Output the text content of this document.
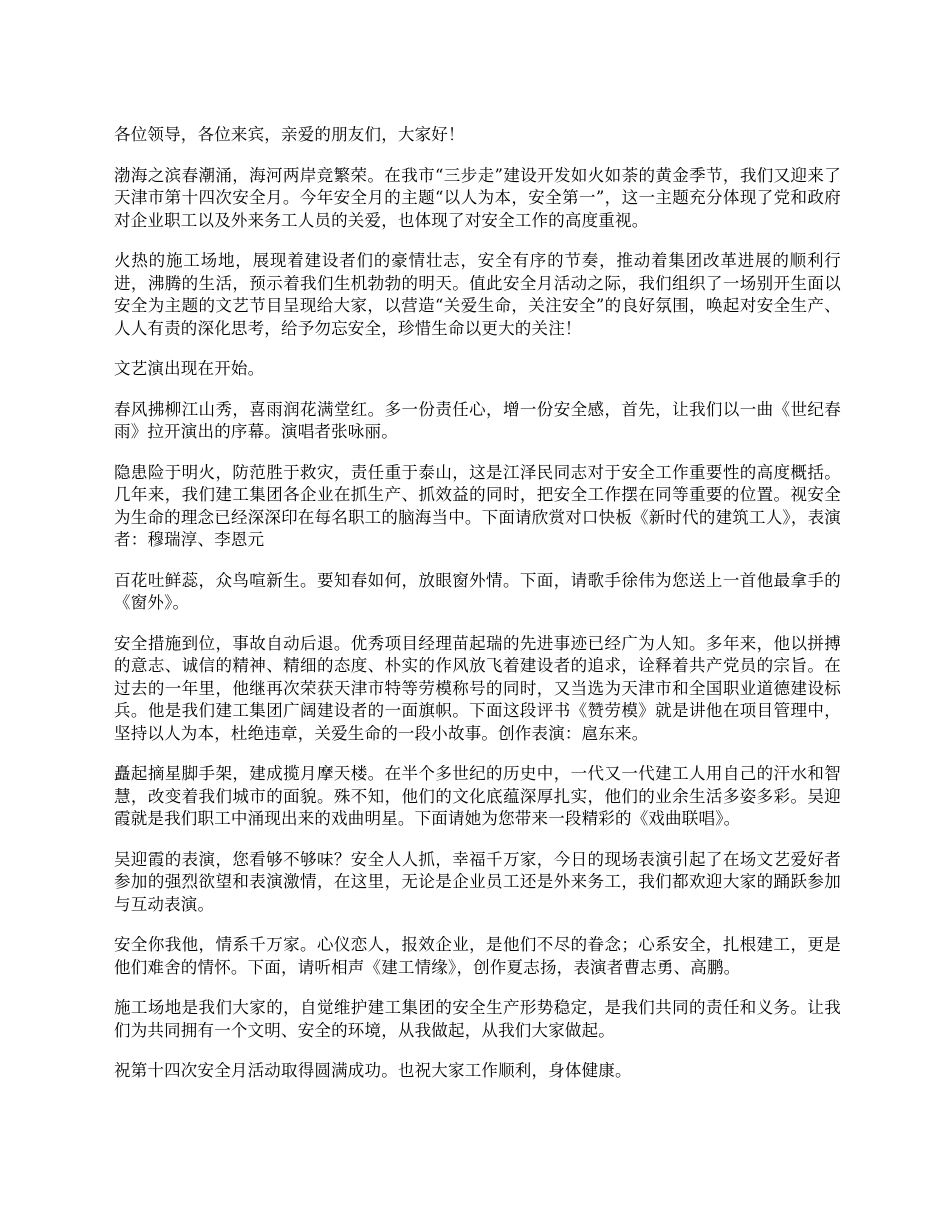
各位领导，各位来宾，亲爱的朋友们，大家好！

渤海之滨春潮涌，海河两岸竞繁荣。在我市“三步走”建设开发如火如荼的黄金季节，我们又迎来了天津市第十四次安全月。今年安全月的主题“以人为本，安全第一”，这一主题充分体现了党和政府对企业职工以及外来务工人员的关爱，也体现了对安全工作的高度重视。

火热的施工场地，展现着建设者们的豪情壮志，安全有序的节奏，推动着集团改革进展的顺利行进，沸腾的生活，预示着我们生机勃勃的明天。值此安全月活动之际，我们组织了一场别开生面以安全为主题的文艺节目呈现给大家，以营造“关爱生命，关注安全”的良好氛围，唤起对安全生产、人人有责的深化思考，给予勿忘安全，珍惜生命以更大的关注！

文艺演出现在开始。

春风拂柳江山秀，喜雨润花满堂红。多一份责任心，增一份安全感，首先，让我们以一曲《世纪春雨》拉开演出的序幕。演唱者张咏丽。

隐患险于明火，防范胜于救灾，责任重于泰山，这是江泽民同志对于安全工作重要性的高度概括。几年来，我们建工集团各企业在抓生产、抓效益的同时，把安全工作摆在同等重要的位置。视安全为生命的理念已经深深印在每名职工的脑海当中。下面请欣赏对口快板《新时代的建筑工人》，表演者：穆瑞淳、李恩元

百花吐鲜蕊，众鸟喧新生。要知春如何，放眼窗外情。下面，请歌手徐伟为您送上一首他最拿手的《窗外》。

安全措施到位，事故自动后退。优秀项目经理苗起瑞的先进事迹已经广为人知。多年来，他以拼搏的意志、诚信的精神、精细的态度、朴实的作风放飞着建设者的追求，诠释着共产党员的宗旨。在过去的一年里，他继再次荣获天津市特等劳模称号的同时，又当选为天津市和全国职业道德建设标兵。他是我们建工集团广阔建设者的一面旗帜。下面这段评书《赞劳模》就是讲他在项目管理中，坚持以人为本，杜绝违章，关爱生命的一段小故事。创作表演：扈东来。

矗起摘星脚手架，建成揽月摩天楼。在半个多世纪的历史中，一代又一代建工人用自己的汗水和智慧，改变着我们城市的面貌。殊不知，他们的文化底蕴深厚扎实，他们的业余生活多姿多彩。吴迎霞就是我们职工中涌现出来的戏曲明星。下面请她为您带来一段精彩的《戏曲联唱》。

吴迎霞的表演，您看够不够味？安全人人抓，幸福千万家，今日的现场表演引起了在场文艺爱好者参加的强烈欲望和表演激情，在这里，无论是企业员工还是外来务工，我们都欢迎大家的踊跃参加与互动表演。

安全你我他，情系千万家。心仪恋人，报效企业，是他们不尽的眷念；心系安全，扎根建工，更是他们难舍的情怀。下面，请听相声《建工情缘》，创作夏志扬，表演者曹志勇、高鹏。

施工场地是我们大家的，自觉维护建工集团的安全生产形势稳定，是我们共同的责任和义务。让我们为共同拥有一个文明、安全的环境，从我做起，从我们大家做起。

祝第十四次安全月活动取得圆满成功。也祝大家工作顺利，身体健康。
